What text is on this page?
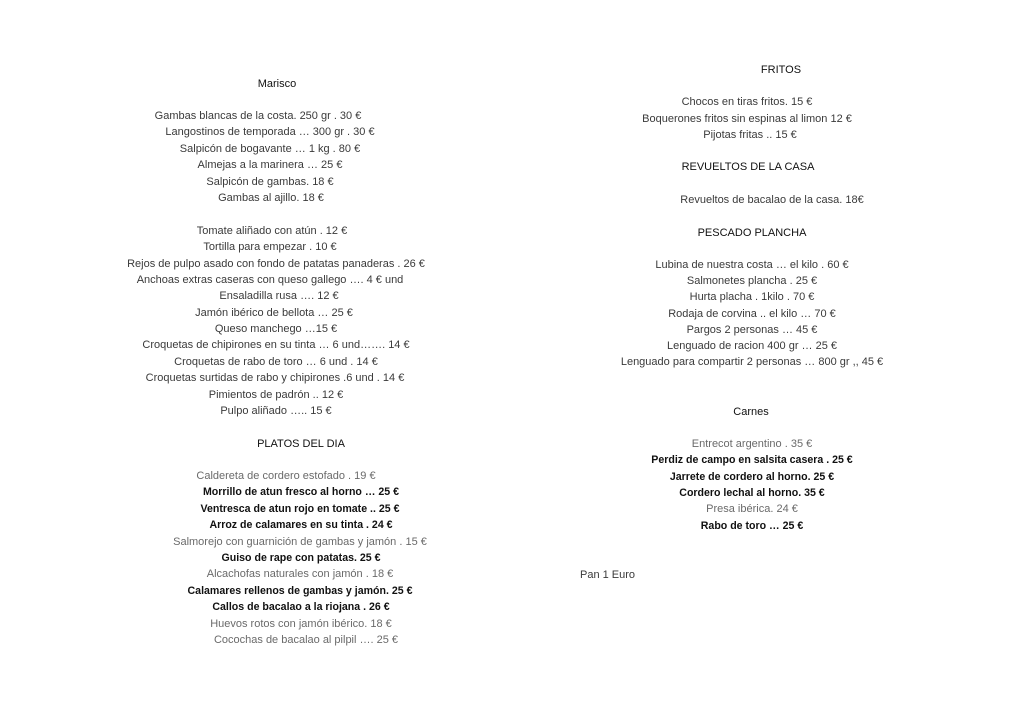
Marisco
Gambas blancas de la costa. 250 gr . 30 €
Langostinos de temporada … 300 gr . 30 €
Salpicón de bogavante … 1 kg . 80 €
Almejas a la marinera … 25 €
Salpicón de gambas. 18 €
Gambas al ajillo. 18 €
Tomate aliñado con atún . 12 €
Tortilla para empezar . 10 €
Rejos de pulpo asado con fondo de patatas panaderas . 26 €
Anchoas extras caseras con queso gallego …. 4 € und
Ensaladilla rusa …. 12 €
Jamón ibérico de bellota … 25 €
Queso manchego …15 €
Croquetas de chipirones en su tinta … 6 und……. 14 €
Croquetas de rabo de toro … 6 und . 14 €
Croquetas surtidas de rabo y chipirones .6 und . 14 €
Pimientos de padrón .. 12 €
Pulpo aliñado ….. 15 €
PLATOS DEL DIA
Caldereta de cordero estofado . 19 €
Morrillo de atun fresco al horno … 25 €
Ventresca de atun rojo en tomate .. 25 €
Arroz de calamares en su tinta . 24 €
Salmorejo con guarnición de gambas y jamón . 15 €
Guiso de rape con patatas. 25 €
Alcachofas naturales con jamón . 18 €
Calamares rellenos de gambas y jamón. 25 €
Callos de bacalao a la riojana . 26 €
Huevos rotos con jamón ibérico. 18 €
Cocochas de bacalao al pilpil …. 25 €
FRITOS
Chocos en tiras fritos. 15 €
Boquerones fritos sin espinas al limon 12 €
Pijotas fritas .. 15 €
REVUELTOS DE LA CASA
Revueltos de bacalao de la casa. 18€
PESCADO PLANCHA
Lubina de nuestra costa … el kilo . 60 €
Salmonetes plancha . 25 €
Hurta placha . 1kilo . 70 €
Rodaja de corvina .. el kilo … 70 €
Pargos 2 personas … 45 €
Lenguado de racion 400 gr … 25 €
Lenguado para compartir 2 personas … 800 gr ,, 45 €
Carnes
Entrecot argentino . 35 €
Perdiz de campo en salsita casera . 25 €
Jarrete de cordero al horno. 25 €
Cordero lechal al horno. 35 €
Presa ibérica. 24 €
Rabo de toro … 25 €
Pan 1 Euro
